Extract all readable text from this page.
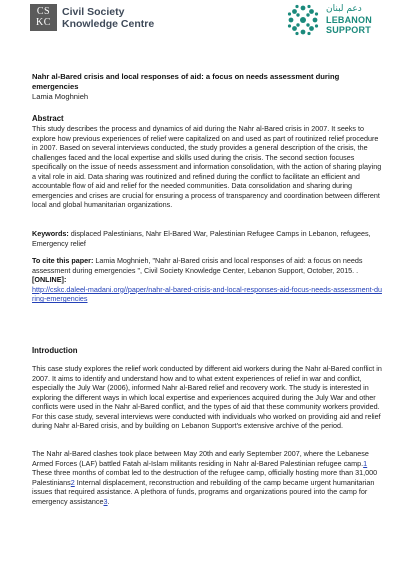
CS
KC
Civil Society
Knowledge Centre
دعم لبنان
LEBANON
SUPPORT
Nahr al-Bared crisis and local responses of aid: a focus on needs assessment during emergencies
Lamia Moghnieh
Abstract
This study describes the process and dynamics of aid during the Nahr al-Bared crisis in 2007. It seeks to explore how previous experiences of relief were capitalized on and used as part of routinized relief procedure in 2007. Based on several interviews conducted, the study provides a general description of the crisis, the challenges faced and the local expertise and skills used during the crisis. The second section focuses specifically on the issue of needs assessment and information consolidation, with the action of sharing playing a vital role in aid. Data sharing was routinized and refined during the conflict to facilitate an efficient and accountable flow of aid and relief for the needed communities. Data consolidation and sharing during emergencies and crises are crucial for ensuring a process of transparency and coordination between different local and global humanitarian organizations.
Keywords: displaced Palestinians, Nahr El-Bared War, Palestinian Refugee Camps in Lebanon, refugees, Emergency relief
To cite this paper: Lamia Moghnieh, "Nahr al-Bared crisis and local responses of aid: a focus on needs assessment during emergencies ", Civil Society Knowledge Center, Lebanon Support, October, 2015. .
[ONLINE]:
http://cskc.daleel-madani.org//paper/nahr-al-bared-crisis-and-local-responses-aid-focus-needs-assessment-during-emergencies
Introduction
This case study explores the relief work conducted by different aid workers during the Nahr al-Bared conflict in 2007. It aims to identify and understand how and to what extent experiences of relief in war and conflict, especially the July War (2006), informed Nahr al-Bared relief and recovery work. The study is interested in exploring the different ways in which local expertise and experiences acquired during the July War and other conflicts were used in the Nahr al-Bared conflict, and the types of aid that these community workers provided. For this case study, several interviews were conducted with individuals who worked on providing aid and relief during Nahr al-Bared crisis, and by building on Lebanon Support's extensive archive of the period.
The Nahr al-Bared clashes took place between May 20th and early September 2007, where the Lebanese Armed Forces (LAF) battled Fatah al-Islam militants residing in Nahr al-Bared Palestinian refugee camp.1 These three months of combat led to the destruction of the refugee camp, officially hosting more than 31,000 Palestinians2 Internal displacement, reconstruction and rebuilding of the camp became urgent humanitarian issues that required assistance. A plethora of funds, programs and organizations poured into the camp for emergency assistance3.
